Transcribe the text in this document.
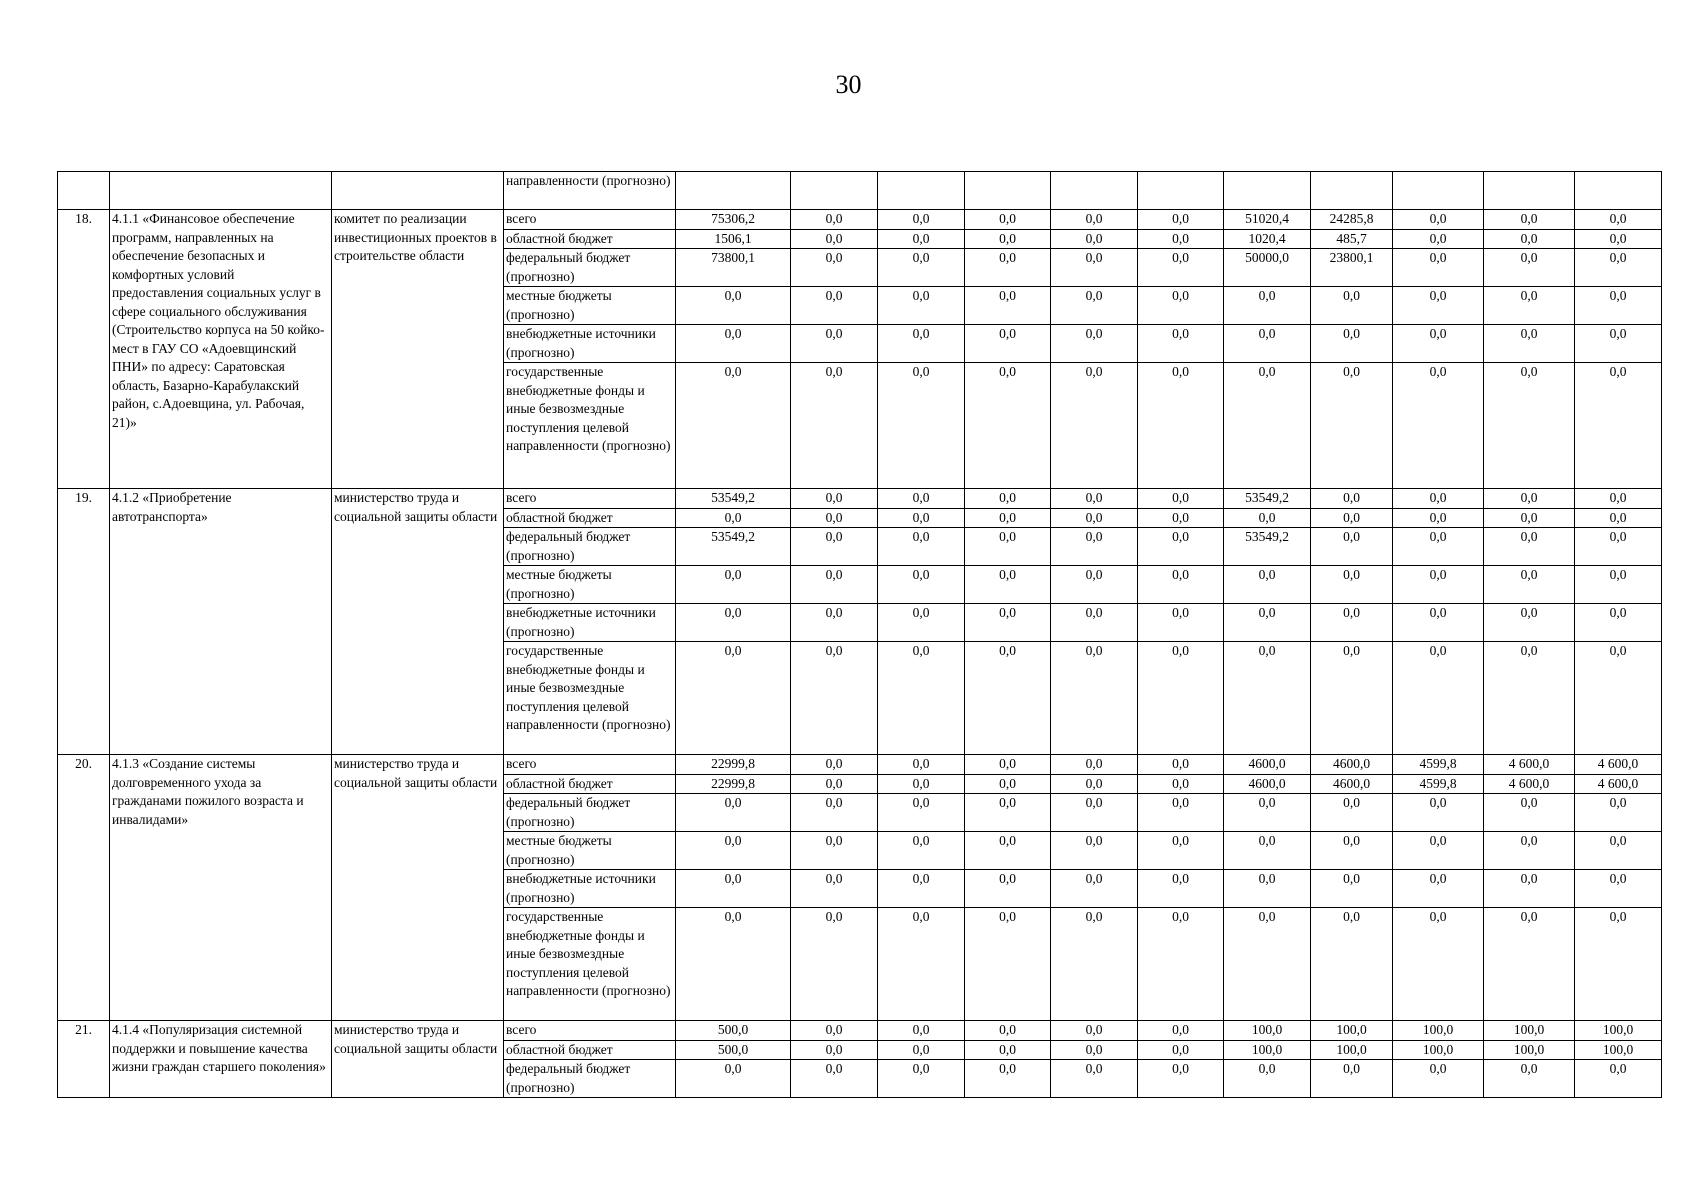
30
			направленности (прогнозно)											
18.	4.1.1 «Финансовое обеспечение программ, направленных на обеспечение безопасных и комфортных условий предоставления социальных услуг в сфере социального обслуживания (Строительство корпуса на 50 койко-мест в ГАУ СО «Адоевщинский ПНИ» по адресу: Саратовская область, Базарно-Карабулакский район, с.Адоевщина, ул. Рабочая, 21)»	комитет по реализации инвестиционных проектов в строительстве области	всего	75306,2	0,0	0,0	0,0	0,0	0,0	51020,4	24285,8	0,0	0,0	0,0
			областной бюджет	1506,1	0,0	0,0	0,0	0,0	0,0	1020,4	485,7	0,0	0,0	0,0
			федеральный бюджет (прогнозно)	73800,1	0,0	0,0	0,0	0,0	0,0	50000,0	23800,1	0,0	0,0	0,0
			местные бюджеты (прогнозно)	0,0	0,0	0,0	0,0	0,0	0,0	0,0	0,0	0,0	0,0	0,0
			внебюджетные источники (прогнозно)	0,0	0,0	0,0	0,0	0,0	0,0	0,0	0,0	0,0	0,0	0,0
			государственные внебюджетные фонды и иные безвозмездные поступления целевой направленности (прогнозно)	0,0	0,0	0,0	0,0	0,0	0,0	0,0	0,0	0,0	0,0	0,0
19.	4.1.2 «Приобретение автотранспорта»	министерство труда и социальной защиты области	всего	53549,2	0,0	0,0	0,0	0,0	0,0	53549,2	0,0	0,0	0,0	0,0
			областной бюджет	0,0	0,0	0,0	0,0	0,0	0,0	0,0	0,0	0,0	0,0	0,0
			федеральный бюджет (прогнозно)	53549,2	0,0	0,0	0,0	0,0	0,0	53549,2	0,0	0,0	0,0	0,0
			местные бюджеты (прогнозно)	0,0	0,0	0,0	0,0	0,0	0,0	0,0	0,0	0,0	0,0	0,0
			внебюджетные источники (прогнозно)	0,0	0,0	0,0	0,0	0,0	0,0	0,0	0,0	0,0	0,0	0,0
			государственные внебюджетные фонды и иные безвозмездные поступления целевой направленности (прогнозно)	0,0	0,0	0,0	0,0	0,0	0,0	0,0	0,0	0,0	0,0	0,0
20.	4.1.3 «Создание системы долговременного ухода за гражданами пожилого возраста и инвалидами»	министерство труда и социальной защиты области	всего	22999,8	0,0	0,0	0,0	0,0	0,0	4600,0	4600,0	4599,8	4 600,0	4 600,0
			областной бюджет	22999,8	0,0	0,0	0,0	0,0	0,0	4600,0	4600,0	4599,8	4 600,0	4 600,0
			федеральный бюджет (прогнозно)	0,0	0,0	0,0	0,0	0,0	0,0	0,0	0,0	0,0	0,0	0,0
			местные бюджеты (прогнозно)	0,0	0,0	0,0	0,0	0,0	0,0	0,0	0,0	0,0	0,0	0,0
			внебюджетные источники (прогнозно)	0,0	0,0	0,0	0,0	0,0	0,0	0,0	0,0	0,0	0,0	0,0
			государственные внебюджетные фонды и иные безвозмездные поступления целевой направленности (прогнозно)	0,0	0,0	0,0	0,0	0,0	0,0	0,0	0,0	0,0	0,0	0,0
21.	4.1.4 «Популяризация системной поддержки и повышение качества жизни граждан старшего поколения»	министерство труда и социальной защиты области	всего	500,0	0,0	0,0	0,0	0,0	0,0	100,0	100,0	100,0	100,0	100,0
			областной бюджет	500,0	0,0	0,0	0,0	0,0	0,0	100,0	100,0	100,0	100,0	100,0
			федеральный бюджет (прогнозно)	0,0	0,0	0,0	0,0	0,0	0,0	0,0	0,0	0,0	0,0	0,0
